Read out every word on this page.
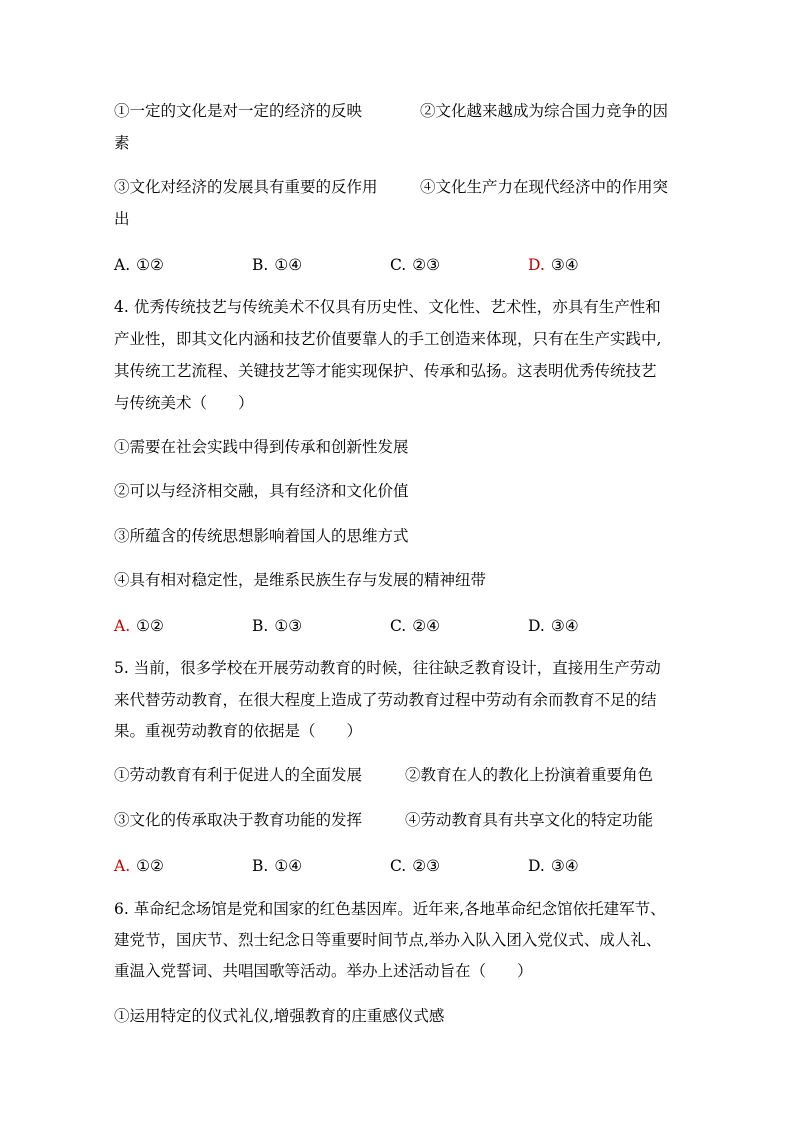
①一定的文化是对一定的经济的反映	②文化越来越成为综合国力竞争的因
素
③文化对经济的发展具有重要的反作用	④文化生产力在现代经济中的作用突
出
A. ①②	B. ①④	C. ②③	D. ③④
4. 优秀传统技艺与传统美术不仅具有历史性、文化性、艺术性，亦具有生产性和
产业性，即其文化内涵和技艺价值要靠人的手工创造来体现，只有在生产实践中,
其传统工艺流程、关键技艺等才能实现保护、传承和弘扬。这表明优秀传统技艺
与传统美术（　　）
①需要在社会实践中得到传承和创新性发展
②可以与经济相交融，具有经济和文化价值
③所蕴含的传统思想影响着国人的思维方式
④具有相对稳定性，是维系民族生存与发展的精神纽带
A. ①②	B. ①③	C. ②④	D. ③④
5. 当前，很多学校在开展劳动教育的时候，往往缺乏教育设计，直接用生产劳动
来代替劳动教育，在很大程度上造成了劳动教育过程中劳动有余而教育不足的结
果。重视劳动教育的依据是（　　）
①劳动教育有利于促进人的全面发展	②教育在人的教化上扮演着重要角色
③文化的传承取决于教育功能的发挥	④劳动教育具有共享文化的特定功能
A. ①②	B. ①④	C. ②③	D. ③④
6. 革命纪念场馆是党和国家的红色基因库。近年来,各地革命纪念馆依托建军节、
建党节，国庆节、烈士纪念日等重要时间节点,举办入队入团入党仪式、成人礼、
重温入党誓词、共唱国歌等活动。举办上述活动旨在（　　）
①运用特定的仪式礼仪,增强教育的庄重感仪式感
